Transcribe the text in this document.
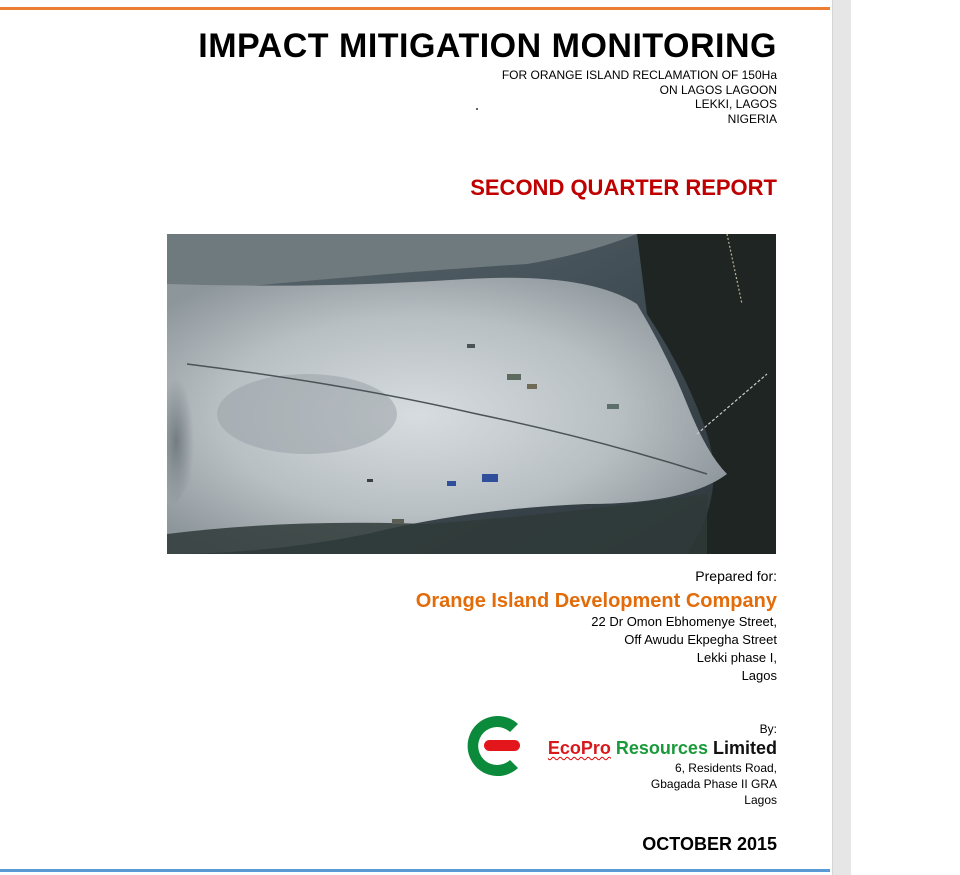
IMPACT MITIGATION MONITORING
FOR ORANGE ISLAND RECLAMATION OF 150Ha
ON LAGOS LAGOON
LEKKI, LAGOS
NIGERIA
SECOND QUARTER REPORT
Prepared for:
Orange Island Development Company
22 Dr Omon Ebhomenye Street,
Off Awudu Ekpegha Street
Lekki phase I,
Lagos
By:
EcoPro Resources Limited
6, Residents Road,
Gbagada Phase II GRA
Lagos
OCTOBER 2015
